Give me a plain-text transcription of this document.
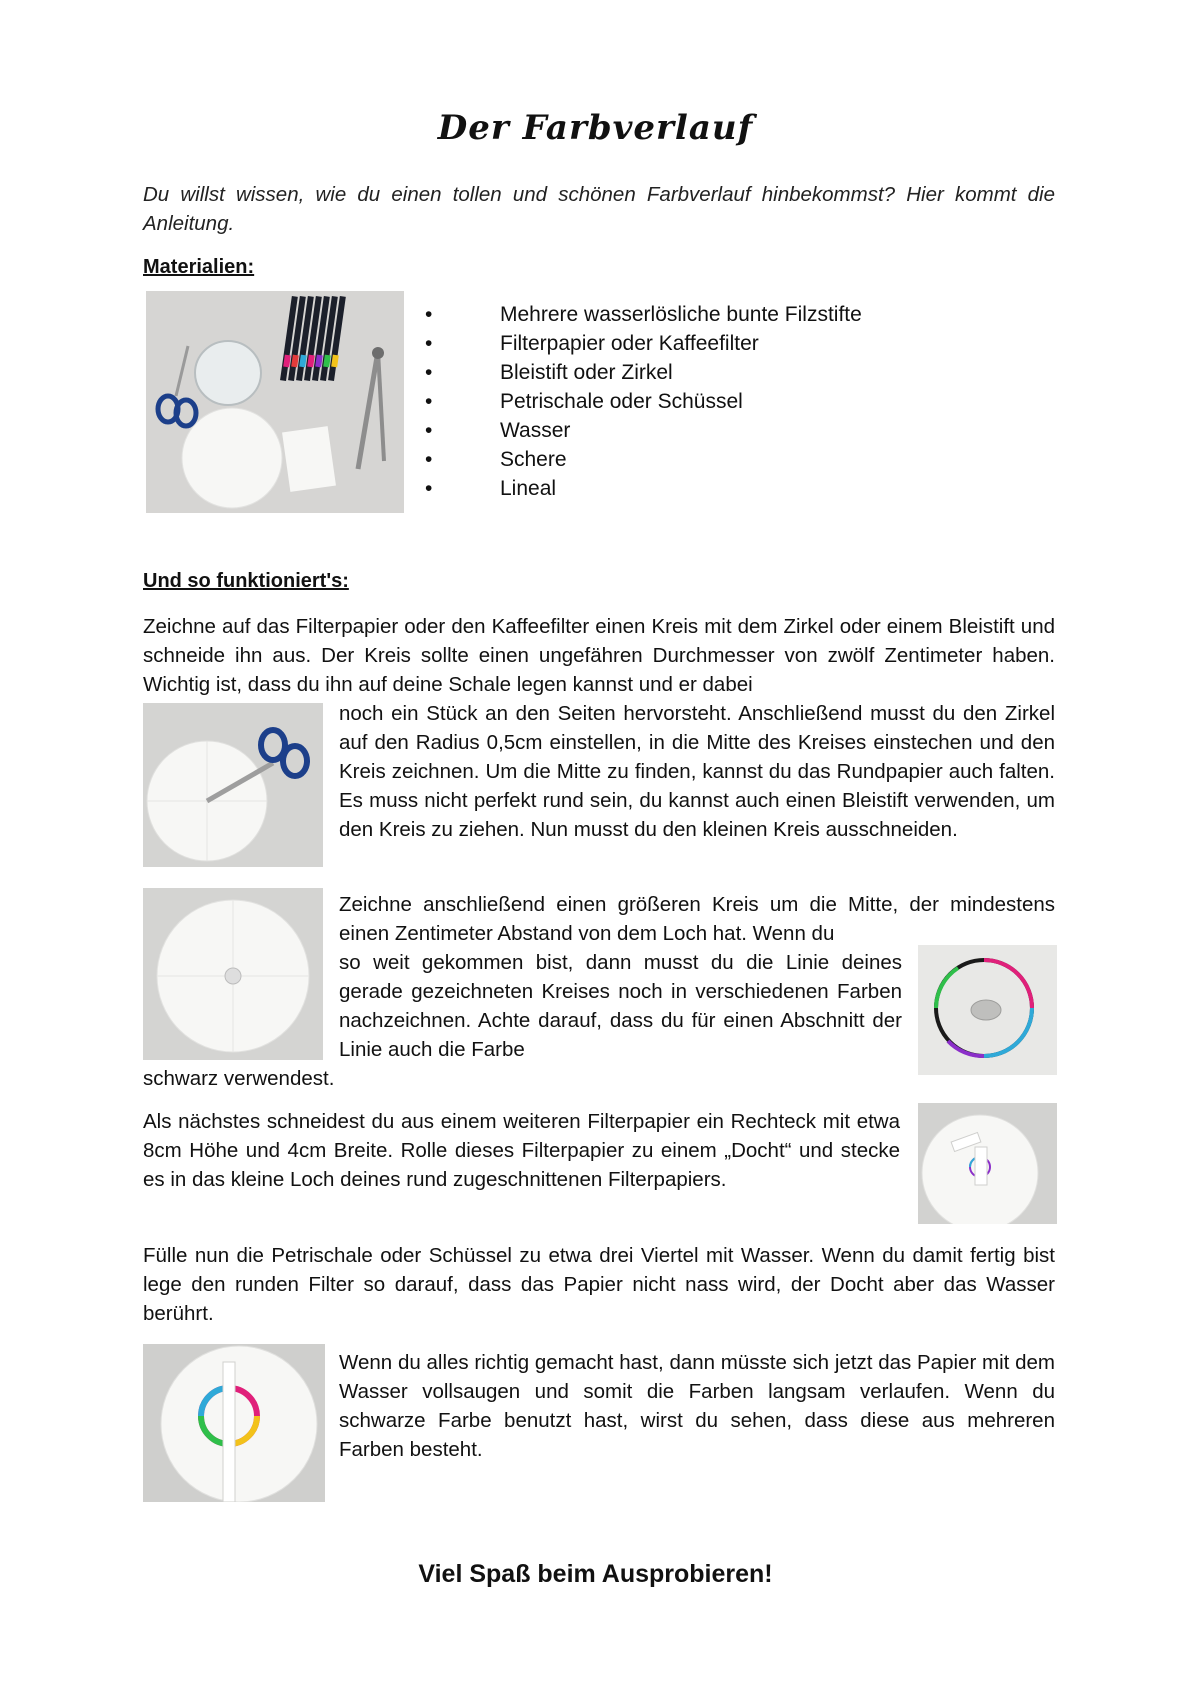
Der Farbverlauf
Du willst wissen, wie du einen tollen und schönen Farbverlauf hinbekommst? Hier kommt die Anleitung.
Materialien:
• Mehrere wasserlösliche bunte Filzstifte
• Filterpapier oder Kaffeefilter
• Bleistift oder Zirkel
• Petrischale oder Schüssel
• Wasser
• Schere
• Lineal
Und so funktioniert's:
Zeichne auf das Filterpapier oder den Kaffeefilter einen Kreis mit dem Zirkel oder einem Bleistift und schneide ihn aus. Der Kreis sollte einen ungefähren Durchmesser von zwölf Zentimeter haben. Wichtig ist, dass du ihn auf deine Schale legen kannst und er dabei
noch ein Stück an den Seiten hervorsteht. Anschließend musst du den Zirkel auf den Radius 0,5cm einstellen, in die Mitte des Kreises einstechen und den Kreis zeichnen. Um die Mitte zu finden, kannst du das Rundpapier auch falten. Es muss nicht perfekt rund sein, du kannst auch einen Bleistift verwenden, um den Kreis zu ziehen. Nun musst du den kleinen Kreis ausschneiden.
Zeichne anschließend einen größeren Kreis um die Mitte, der mindestens einen Zentimeter Abstand von dem Loch hat. Wenn du
so weit gekommen bist, dann musst du die Linie deines gerade gezeichneten Kreises noch in verschiedenen Farben nachzeichnen. Achte darauf, dass du für einen Abschnitt der Linie auch die Farbe
schwarz verwendest.
Als nächstes schneidest du aus einem weiteren Filterpapier ein Rechteck mit etwa 8cm Höhe und 4cm Breite. Rolle dieses Filterpapier zu einem „Docht“ und stecke es in das kleine Loch deines rund zugeschnittenen Filterpapiers.
Fülle nun die Petrischale oder Schüssel zu etwa drei Viertel mit Wasser. Wenn du damit fertig bist lege den runden Filter so darauf, dass das Papier nicht nass wird, der Docht aber das Wasser berührt.
Wenn du alles richtig gemacht hast, dann müsste sich jetzt das Papier mit dem Wasser vollsaugen und somit die Farben langsam verlaufen. Wenn du schwarze Farbe benutzt hast, wirst du sehen, dass diese aus mehreren Farben besteht.
Viel Spaß beim Ausprobieren!
